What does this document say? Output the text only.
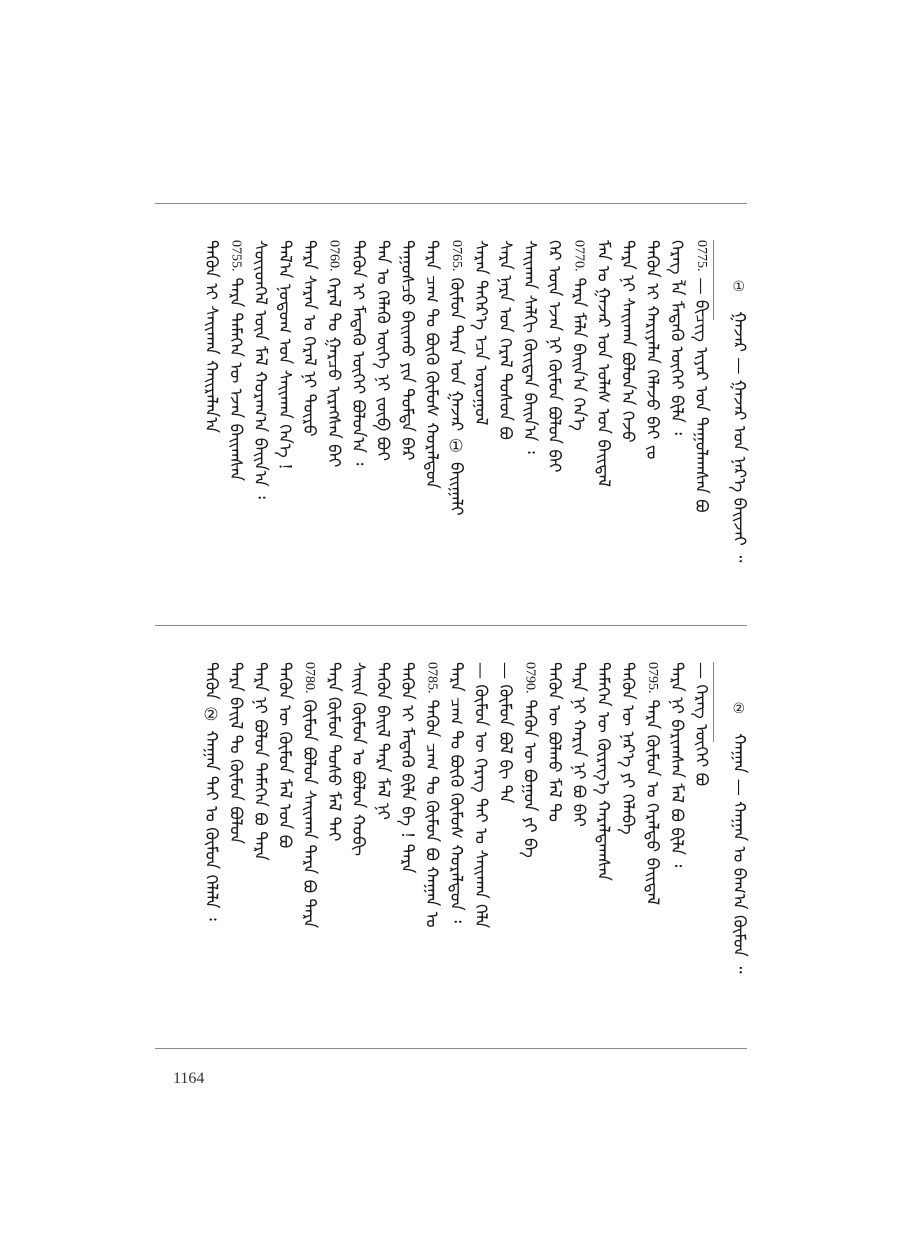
① ᠭᠠᠵᠠᠷ — ᠭᠠᠵᠠᠷ ᠤᠨ ᠨᠡᠷ᠎ᠡ ᠪᠠᠢᠵᠠᠢ ᠃
0775.— ᠪᠢᠴᠢᠭ ᠢᠶᠡᠷ ᠤᠨ ᠳᠠᠭᠤᠯᠠᠭᠰᠠᠨ ᠪᠣ
ᠬᠡᠷᠡᠭ ᠯᠡ ᠮᠡᠳᠡᠬᠦ ᠦᠭᠡᠢ ᠪᠢᠯᠡ ᠄
ᠲᠡᠭᠦᠨ ᠢ ᠬᠠᠷᠢᠶᠠᠯᠠᠨ ᠬᠡᠯᠡᠵᠦ ᠪᠠᠢ ᠵᠤ
ᠲᠡᠷᠡ ᠨᠢ ᠰᠠᠢᠬᠠᠨ ᠪᠤᠯᠤᠨ᠎ᠠ ᠭᠡᠵᠦ
ᠮᠠᠨ ᠤ ᠭᠠᠵᠠᠷ ᠤᠨ ᠤᠯᠠᠰ ᠤᠨ ᠪᠠᠢᠳᠠᠯ
0770.ᠲᠡᠷᠡ ᠮᠠᠯᠠ ᠪᠠᠢᠨ᠎ᠠ ᠭᠡᠨ᠎ᠡ
ᠭᠡᠷ ᠦᠨ ᠡᠵᠡᠨ ᠨᠢ ᠬᠦᠮᠦᠨ ᠪᠤᠯᠤᠨ ᠪᠠᠢ
ᠰᠠᠢᠬᠠᠨ ᠰᠠᠯᠬᠢ ᠬᠦᠢᠲᠡᠨ ᠪᠠᠢᠨ᠎ᠠ ᠄
ᠰᠠᠷᠠ ᠨᠠᠷᠠ ᠤᠨ ᠭᠡᠷᠡᠯ ᠲᠤᠰᠤᠨ ᠪᠣ
ᠰᠠᠷᠠᠨ ᠳᠡᠭᠡᠷ᠎ᠡ ᠡᠴᠡ ᠤᠷᠤᠭᠤᠯ
0765.ᠬᠦᠮᠦᠨ ᠲᠡᠷᠡ ᠤᠨ ᠭᠠᠵᠠᠷ ① ᠪᠠᠢᠭᠠᠯᠢ
ᠲᠡᠷᠡ ᠴᠠᠭ ᠲᠤ ᠪᠦᠬᠦ ᠬᠦᠮᠦᠰ ᠬᠤᠷᠠᠯᠳᠤᠨ
ᠲᠠᠭᠤᠰᠴᠤ ᠪᠠᠢᠬᠤ ᠶᠢᠨ ᠳᠤᠮᠳᠠ ᠪᠠᠷ
ᠲᠠᠨ ᠤ ᠬᠡᠯᠡᠬᠦ ᠦᠭᠡ ᠨᠢ ᠵᠦᠪ ᠪᠤᠢ
ᠲᠡᠭᠦᠨ ᠢ ᠮᠡᠳᠡᠬᠦ ᠦᠭᠡᠢ ᠪᠣᠯᠣᠨ᠎ᠠ ᠄
0760.ᠭᠡᠷᠡᠯ ᠲᠤ ᠭᠠᠷᠴᠤ ᠢᠷᠡᠭᠰᠡᠨ ᠪᠠᠢ
ᠲᠡᠷᠡ ᠰᠠᠷᠠᠨ ᠤ ᠭᠡᠷᠡᠯ ᠨᠢ ᠲᠦᠷᠦ
ᠲᠠᠯ᠎ᠠ ᠨᠤᠲᠤᠭ ᠤᠨ ᠰᠠᠢᠬᠠᠨ ᠭᠡᠨ᠎ᠡ !
ᠰᠦᠢᠳᠬᠡᠯ ᠦᠨ ᠮᠠᠯ ᠬᠤᠷᠠᠭ᠎ᠠ ᠪᠠᠢᠨ᠎ᠠ ᠄
0755.ᠲᠡᠷᠡ ᠲᠡᠮᠡᠭᠡᠨ ᠦ ᠡᠵᠡᠨ ᠪᠠᠢᠭᠰᠠᠨ
ᠲᠡᠭᠦᠨ ᠢ ᠰᠠᠢᠬᠠᠨ ᠬᠠᠢᠷᠠᠯᠠᠨ᠎ᠠ
② ᠬᠠᠭᠠᠨ — ᠬᠠᠭᠠᠨ ᠤ ᠪᠠᠭ᠎ᠠ ᠬᠦᠮᠦᠨ ᠃
— ᠬᠡᠷᠡᠭ ᠦᠭᠡᠢ ᠪᠣ
ᠲᠡᠷᠡ ᠨᠢ ᠪᠠᠷᠢᠭᠰᠠᠨ ᠮᠠᠯ ᠪᠣ ᠪᠢᠯᠡ ᠄
0795.ᠲᠡᠷᠡ ᠬᠦᠮᠦᠨ ᠤ ᠭᠡᠷᠡᠯᠲᠦ ᠪᠠᠢᠳᠠᠯ
ᠲᠡᠭᠦᠨ ᠦ ᠨᠡᠷ᠎ᠡ ᠶᠢ ᠬᠡᠯᠡᠪᠡ
ᠲᠡᠮᠡᠭᠡᠨ ᠦ ᠬᠦᠷᠡᠭ᠎ᠡ ᠬᠠᠷᠠᠯᠳᠠᠭᠰᠠᠨ
ᠲᠡᠷᠡ ᠨᠢ ᠬᠠᠷᠢᠨ ᠨᠢ ᠪᠣ ᠪᠠᠢ
ᠲᠡᠭᠦᠨ ᠦ ᠪᠣᠯᠬᠤ ᠮᠠᠯ ᠲᠤ
0790.ᠲᠡᠭᠦᠨ ᠦ ᠪᠣᠭᠣᠨ ᠶᠢ ᠪᠠ
— ᠬᠦᠮᠦᠨ ᠪᠣᠯ ᠪᠢ ᠲᠠ
— ᠬᠦᠮᠦᠨ ᠦ ᠬᠡᠷᠡᠭ ᠲᠠᠢ ᠤ ᠰᠠᠢᠬᠠᠨ ᠬᠡᠯᠡ
ᠲᠡᠷᠡ ᠴᠠᠭ ᠲᠤ ᠪᠦᠬᠦ ᠬᠦᠮᠦᠰ ᠬᠤᠷᠠᠯᠳᠤᠨ ᠄
0785.ᠲᠡᠭᠦᠨ ᠴᠠᠭ ᠲᠤ ᠬᠦᠮᠦᠨ ᠪᠤ ᠬᠠᠭᠠᠨ ᠤ
ᠲᠡᠭᠦᠨ ᠢ ᠮᠡᠳᠡᠬᠦ ᠪᠢᠯᠡ ᠪᠠ ! ᠲᠡᠷᠡ
ᠲᠡᠭᠦᠨ ᠪᠠᠢᠯ ᠲᠡᠷᠡ ᠮᠠᠯ ᠨᠢ
ᠰᠠᠢᠨ ᠬᠦᠮᠦᠨ ᠤ ᠪᠣᠯᠤᠨ ᠬᠤᠪᠢ
ᠲᠡᠷᠡ ᠬᠦᠮᠦᠨ ᠲᠤᠰᠤ ᠮᠠᠯ ᠲᠠᠢ
0780.ᠬᠦᠮᠦᠨ ᠪᠣᠯᠤᠨ ᠰᠠᠢᠬᠠᠨ ᠲᠡᠷᠡ ᠪᠣ ᠲᠡᠷᠡ
ᠲᠡᠭᠦᠨ ᠦ ᠬᠦᠮᠦᠨ ᠮᠠᠯ ᠤᠨ ᠪᠣ
ᠲᠡᠷᠡ ᠨᠢ ᠪᠣᠯᠤᠨ ᠲᠡᠮᠡᠭᠡᠨ ᠪᠣ ᠲᠡᠷᠡ
ᠲᠡᠷᠡ ᠪᠠᠢᠯ ᠲᠤ ᠬᠦᠮᠦᠨ ᠪᠣᠯᠤᠨ
ᠲᠡᠭᠦᠨ ② ᠬᠠᠭᠠᠨ ᠲᠠᠢ ᠤ ᠬᠦᠮᠦᠨ ᠬᠡᠯᠡᠯᠡ ᠄
1164
